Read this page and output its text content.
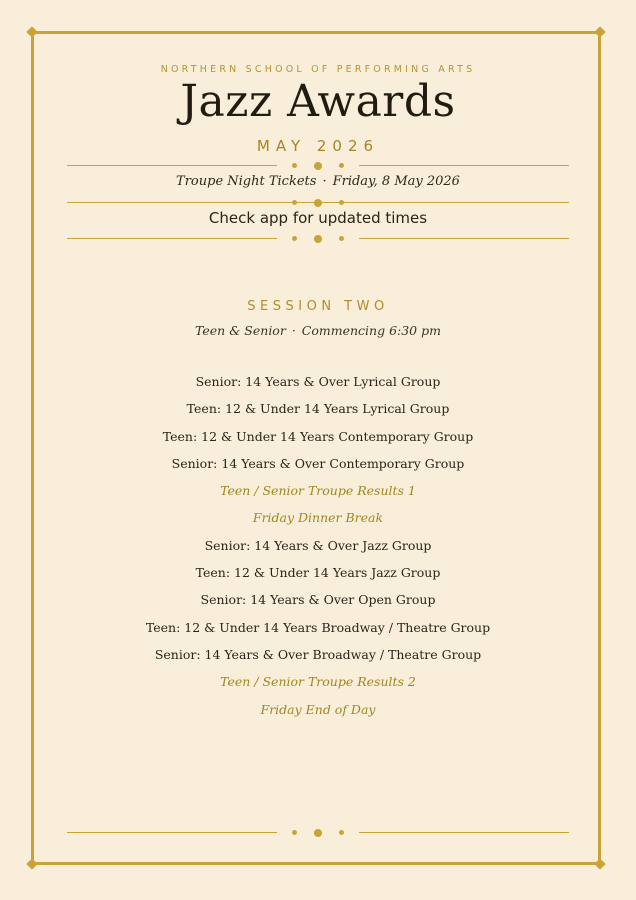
NORTHERN SCHOOL OF PERFORMING ARTS
Jazz Awards
MAY 2026
Troupe Night Tickets · Friday, 8 May 2026
Check app for updated times
SESSION TWO
Teen & Senior · Commencing 6:30 pm
Senior: 14 Years & Over Lyrical Group
Teen: 12 & Under 14 Years Lyrical Group
Teen: 12 & Under 14 Years Contemporary Group
Senior: 14 Years & Over Contemporary Group
Teen / Senior Troupe Results 1
Friday Dinner Break
Senior: 14 Years & Over Jazz Group
Teen: 12 & Under 14 Years Jazz Group
Senior: 14 Years & Over Open Group
Teen: 12 & Under 14 Years Broadway / Theatre Group
Senior: 14 Years & Over Broadway / Theatre Group
Teen / Senior Troupe Results 2
Friday End of Day
